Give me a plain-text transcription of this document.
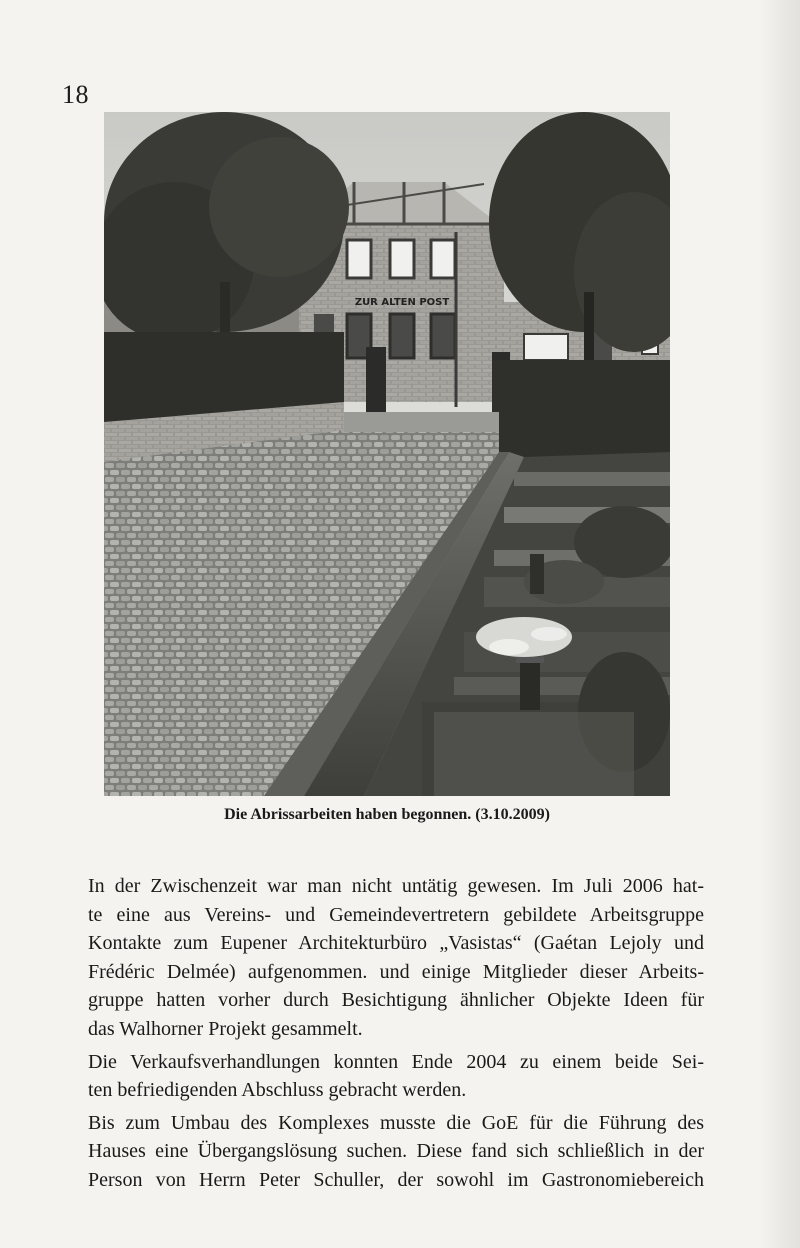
18
ZUR ALTEN POST
Die Abrissarbeiten haben begonnen. (3.10.2009)

In der Zwischenzeit war man nicht untätig gewesen. Im Juli 2006 hat-
te eine aus Vereins- und Gemeindevertretern gebildete Arbeitsgruppe
Kontakte zum Eupener Architekturbüro „Vasistas“ (Gaétan Lejoly und
Frédéric Delmée) aufgenommen. und einige Mitglieder dieser Arbeits-
gruppe hatten vorher durch Besichtigung ähnlicher Objekte Ideen für
das Walhorner Projekt gesammelt.

Die Verkaufsverhandlungen konnten Ende 2004 zu einem beide Sei-
ten befriedigenden Abschluss gebracht werden.

Bis zum Umbau des Komplexes musste die GoE für die Führung des
Hauses eine Übergangslösung suchen. Diese fand sich schließlich in der
Person von Herrn Peter Schuller, der sowohl im Gastronomiebereich
